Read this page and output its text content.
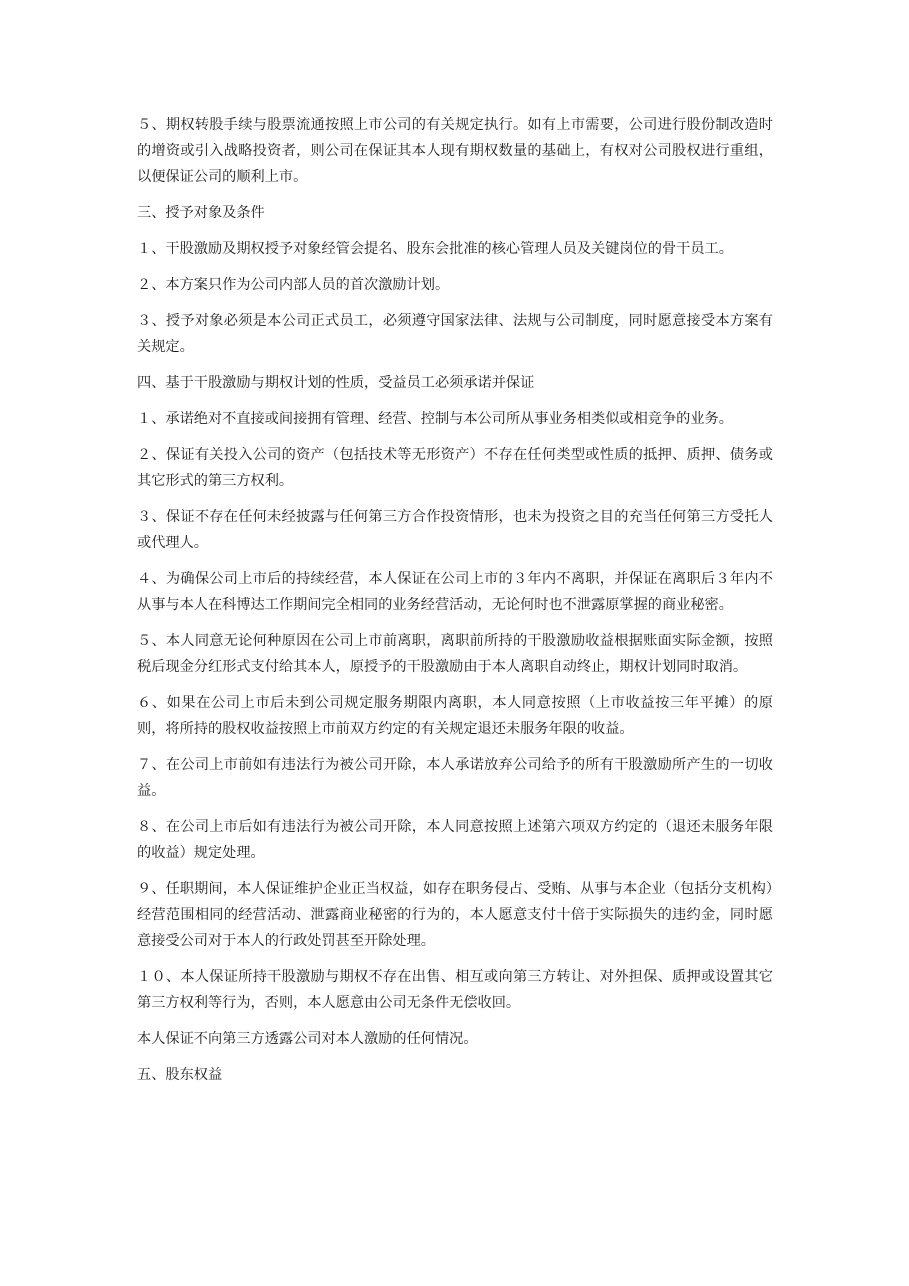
５、期权转股手续与股票流通按照上市公司的有关规定执行。如有上市需要，公司进行股份制改造时的增资或引入战略投资者，则公司在保证其本人现有期权数量的基础上，有权对公司股权进行重组，以便保证公司的顺利上市。

三、授予对象及条件

１、干股激励及期权授予对象经管会提名、股东会批准的核心管理人员及关键岗位的骨干员工。

２、本方案只作为公司内部人员的首次激励计划。

３、授予对象必须是本公司正式员工，必须遵守国家法律、法规与公司制度，同时愿意接受本方案有关规定。

四、基于干股激励与期权计划的性质，受益员工必须承诺并保证

１、承诺绝对不直接或间接拥有管理、经营、控制与本公司所从事业务相类似或相竞争的业务。

２、保证有关投入公司的资产（包括技术等无形资产）不存在任何类型或性质的抵押、质押、债务或其它形式的第三方权利。

３、保证不存在任何未经披露与任何第三方合作投资情形，也未为投资之目的充当任何第三方受托人或代理人。

４、为确保公司上市后的持续经营，本人保证在公司上市的３年内不离职，并保证在离职后３年内不从事与本人在科博达工作期间完全相同的业务经营活动，无论何时也不泄露原掌握的商业秘密。

５、本人同意无论何种原因在公司上市前离职，离职前所持的干股激励收益根据账面实际金额，按照税后现金分红形式支付给其本人，原授予的干股激励由于本人离职自动终止，期权计划同时取消。

６、如果在公司上市后未到公司规定服务期限内离职，本人同意按照（上市收益按三年平摊）的原则，将所持的股权收益按照上市前双方约定的有关规定退还未服务年限的收益。

７、在公司上市前如有违法行为被公司开除，本人承诺放弃公司给予的所有干股激励所产生的一切收益。

８、在公司上市后如有违法行为被公司开除，本人同意按照上述第六项双方约定的（退还未服务年限的收益）规定处理。

９、任职期间，本人保证维护企业正当权益，如存在职务侵占、受贿、从事与本企业（包括分支机构）经营范围相同的经营活动、泄露商业秘密的行为的，本人愿意支付十倍于实际损失的违约金，同时愿意接受公司对于本人的行政处罚甚至开除处理。

１０、本人保证所持干股激励与期权不存在出售、相互或向第三方转让、对外担保、质押或设置其它第三方权利等行为，否则，本人愿意由公司无条件无偿收回。

本人保证不向第三方透露公司对本人激励的任何情况。

五、股东权益
